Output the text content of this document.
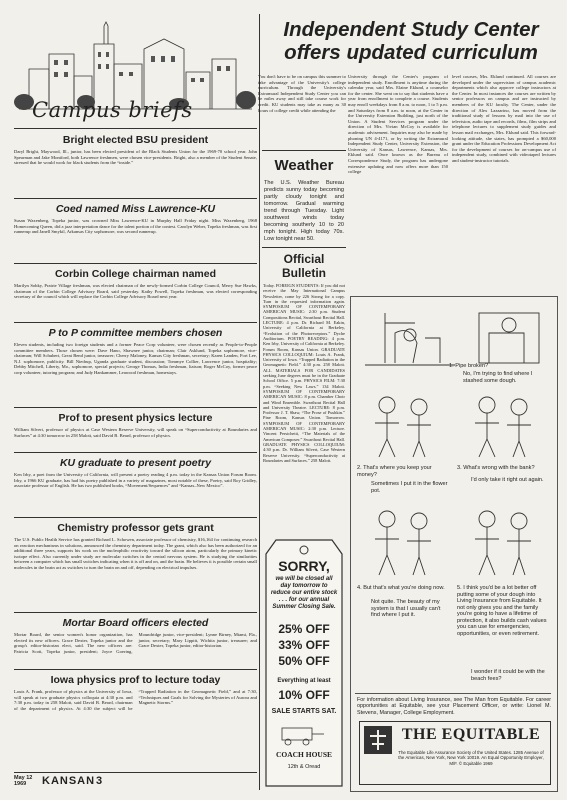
Campus briefs

Bright elected BSU president

Daryl Bright, Maywood, Ill., junior, has been elected president of the Black Students Union for the 1969-70 school year. John Spearman and Jake Montford, both Lawrence freshmen, were chosen vice-presidents. Bright, also a member of the Student Senate, stressed that he would work for black students from the “inside.”

Coed named Miss Lawrence-KU

Susan Waxenberg, Topeka junior, was crowned Miss Lawrence-KU in Murphy Hall Friday night. Miss Waxenberg, 1968 Homecoming Queen, did a jazz interpretation dance for the talent portion of the contest. Carolyn Weber, Topeka freshman, was first runnerup and Janell Smykil, Arkansas City sophomore, was second runnerup.

Corbin College chairman named

Marilyn Sobky, Prairie Village freshman, was elected chairman of the newly-formed Corbin College Council, Merry Sue Hawks, chairman of the Corbin College Advisory Board, said yesterday. Kathy Powell, Topeka freshman, was elected corresponding secretary of the council which will replace the Corbin College Advisory Board next year.

P to P committee members chosen

Eleven students, including two foreign students and a former Peace Corp volunteer, were chosen recently as People-to-People committee members. Those chosen were: Dave Hano, Shawnee junior, chairman; Clair Asklund, Topeka sophomore, vice-chairman; Will Schubert, Great Bend junior, treasurer; Cherry Maloney, Kansas City freshman, secretary; Karen Landen, Fort Lee, N.J. sophomore, publicity. Bill Niedrup, Uganda graduate student, discussion; Tommye Collier, Lawrence junior, hospitality; Debby Mitchell, Liberty, Mo., sophomore, special projects; George Thomas, India freshman, liaison; Roger McCoy, former peace corp volunteer, tutoring program; and Judy Hankammer, Leawood freshman, homestays.

Prof to present physics lecture

William Silvert, professor of physics at Case Western Reserve University, will speak on “Superconductivity at Boundaries and Surfaces” at 4:30 tomorrow in 258 Malott, said David B. Beard, professor of physics.

KU graduate to present poetry

Ken Irby, a poet from the University of California, will present a poetry reading 4 p.m. today in the Kansas Union Forum Room. Irby, a 1966 KU graduate, has had his poetry published in a variety of magazines, most notable of these, Poetry, said Roy Gridley, associate professor of English. He has two published books, “Movement/Sequences” and “Kansas–New Mexico”.

Chemistry professor gets grant

The U.S. Public Health Service has granted Richard L. Schowen, associate professor of chemistry, $16,164 for continuing research on reaction mechanisms in solutions, announced the chemistry department today. The grant, which also has been authorized for an additional three years, supports his work on the nucleophilic reactivity toward the silicon atom, particularly the primary kinetic isotope effect. Also currently under study are molecular switches in the central nervous system. He is studying the similarities between a computer which has small switches indicating when it is off and on, and the brain. He believes it is possible certain small molecules in the brain act as switches to turn the brain on and off, depending on electrical impulses.

Mortar Board officers elected

Mortar Board, the senior women's honor organization, has elected its new officers. Grace Dexter, Topeka junior and the group's editor-historian elect, said. The new officers are: Patricia Scott, Topeka junior, president; Joyce Goering, Moundridge junior, vice-president; Lynne Birney, Miami, Fla., junior, secretary; Mary Lippitt, Wichita junior, treasurer; and Grace Dexter, Topeka junior, editor-historian.

Iowa physics prof to lecture today

Louis A. Frank, professor of physics at the University of Iowa, will speak at two graduate physics colloquia at 4:30 p.m. and 7:30 p.m. today in 258 Malott, said David B. Beard, chairman of the department of physics. At 4:30 the subject will be “Trapped Radiation in the Geomagnetic Field,” and at 7:30, “Techniques and Goals for Solving the Mysteries of Aurora and Magnetic Storms.”

May 12
1969	KANSAN 3
Independent Study Center
offers updated curriculum

You don't have to be on campus this summer to take advantage of the University's college curriculum. Through the University's Extramural Independent Study Center you can be miles away and still take course work for credit. KU students may take as many as 30 hours of college credit while attending the

University through the Center's program of independent study. Enrollment is anytime during the calendar year, said Mrs. Elaine Eklund, a counselor for the center. She went on to say that students have a year from enrollment to complete a course. Students may enroll weekdays from 8 a.m. to noon, 1 to 5 p.m. and Saturdays from 8 a.m. to noon, at the Center in the University Extension Building, just north of the Union. A Student Services program under the direction of Mrs. Vivian McCoy is available for academic advisement. Inquiries may also be made by phoning UN 4-4171, or by writing the Extramural Independent Study Center, University Extension, the University of Kansas, Lawrence, Kansas, Mrs. Eklund said. Once known as the Bureau of Correspondence Study, the program has undergone extensive updating and now offers more than 150 college

level courses, Mrs. Eklund continued. All courses are developed under the supervision of campus academic departments which also approve college instructors at the Center. In most instances the courses are written by senior professors on campus and are instructed by members of the KU faculty. The Center, under the direction of Alex Lazzarino, has moved from the traditional study of lessons by mail into the use of television, audio tape and records, films, film strips and telephone lectures to supplement study guides and lesson mail exchanges, Mrs. Eklund said. This forward-looking attitude, she states, has prompted a $60,000 grant under the Education Professions Development Act for the development of courses for on-campus use of independent study, combined with videotaped lectures and student-instructor tutorials.

Weather

The U.S. Weather Bureau predicts sunny today becoming partly cloudy tonight and tomorrow. Gradual warming trend through Tuesday. Light southwest winds today becoming southerly 10 to 20 mph tonight. High today 70s. Low tonight near 50.

Official Bulletin

Today. FOREIGN STUDENTS: If you did not receive the May International Campus Newsletter, come by 226 Strong for a copy. Turn in the requested information again. SYMPOSIUM OF CONTEMPORARY AMERICAN MUSIC: 2:30 p.m. Student Compositions Recital, Swarthout Recital Hall. LECTURE: 4 p.m. Dr. Richard M. Eakin, University of California at Berkeley, “Evolution of the Photoreceptors.” Dyche Auditorium. POETRY READING: 4 p.m. Ken Irby, University of California at Berkeley. Forum Room, Kansas Union. GRADUATE PHYSICS COLLOQUIUM: Louis A. Frank, University of Iowa. “Trapped Radiation in the Geomagnetic Field.” 4:30 p.m. 258 Malott. ALL MATERIALS FOR CANDIDATES seeking June degrees must be in the Graduate School Office. 5 p.m. PHYSICS FILM: 7:30 p.m. “Seeking New Laws.” 134 Malott. SYMPOSIUM OF CONTEMPORARY AMERICAN MUSIC: 8 p.m. Chamber Choir and Wind Ensemble. Swarthout Recital Hall and University Theatre. LECTURE: 8 p.m. Professor J. T. Shaw, “The Prose of Pushkin.” Pine Room, Kansas Union. Tomorrow. SYMPOSIUM OF CONTEMPORARY AMERICAN MUSIC: 2:30 p.m. Lecture. Vincent Persichetti, “The Materials of the American Composer.” Swarthout Recital Hall. GRADUATE PHYSICS COLLOQUIUM: 4:30 p.m. Dr. William Silvert, Case Western Reserve University. “Superconductivity at Boundaries and Surfaces.” 258 Malott.

SORRY,
we will be closed all day tomorrow to reduce our entire stock . . . for our annual Summer Closing Sale.
25% OFF
33% OFF
50% OFF
Everything at least
10% OFF
SALE STARTS SAT.
COACH HOUSE
12th & Oread
1. Pipe broken?
No, I'm trying to find where I stashed some dough.
2. That's where you keep your money?
Sometimes I put it in the flower pot.
3. What's wrong with the bank?
I'd only take it right out again.
4. But that's what you're doing now.
Not quite. The beauty of my system is that I usually can't find where I put it.
5. I think you'd be a lot better off putting some of your dough into Living Insurance from Equitable. It not only gives you and the family you're going to have a lifetime of protection, it also builds cash values you can use for emergencies, opportunities, or even retirement.
I wonder if it could be with the beach fees?
For information about Living Insurance, see The Man from Equitable. For career opportunities at Equitable, see your Placement Officer, or write: Lionel M. Stevens, Manager, College Employment.
THE EQUITABLE
The Equitable Life Assurance Society of the United States. 1285 Avenue of the Americas, New York, New York 10019. An Equal Opportunity Employer, M/F. © Equitable 1969
